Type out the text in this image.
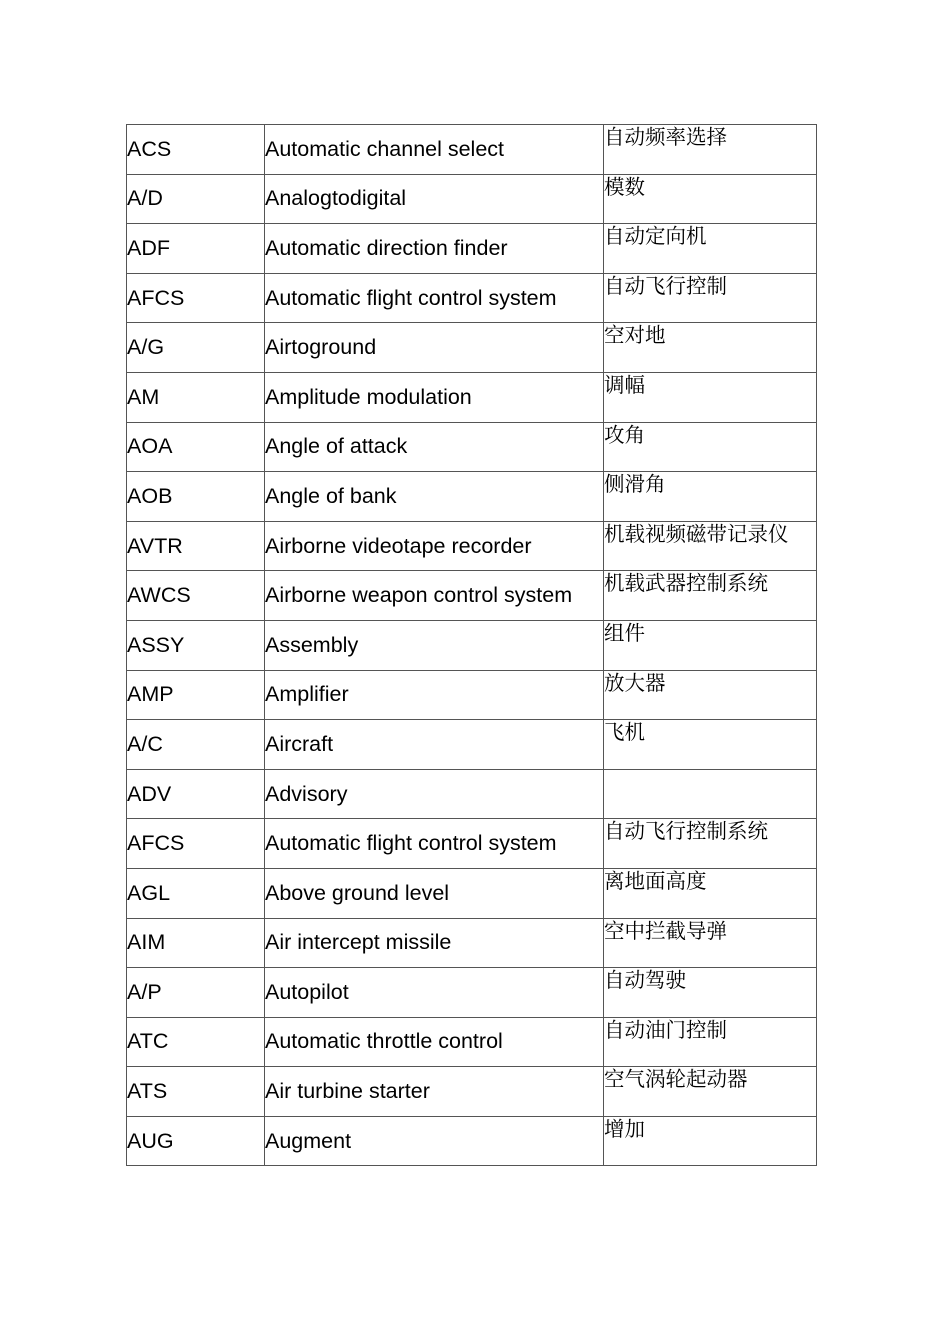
ACS	Automatic channel select	自动频率选择
A/D	Analogtodigital	模数
ADF	Automatic direction finder	自动定向机
AFCS	Automatic flight control system	自动飞行控制
A/G	Airtoground	空对地
AM	Amplitude modulation	调幅
AOA	Angle of attack	攻角
AOB	Angle of bank	侧滑角
AVTR	Airborne videotape recorder	机载视频磁带记录仪
AWCS	Airborne weapon control system	机载武器控制系统
ASSY	Assembly	组件
AMP	Amplifier	放大器
A/C	Aircraft	飞机
ADV	Advisory	
AFCS	Automatic flight control system	自动飞行控制系统
AGL	Above ground level	离地面高度
AIM	Air intercept missile	空中拦截导弹
A/P	Autopilot	自动驾驶
ATC	Automatic throttle control	自动油门控制
ATS	Air turbine starter	空气涡轮起动器
AUG	Augment	增加
